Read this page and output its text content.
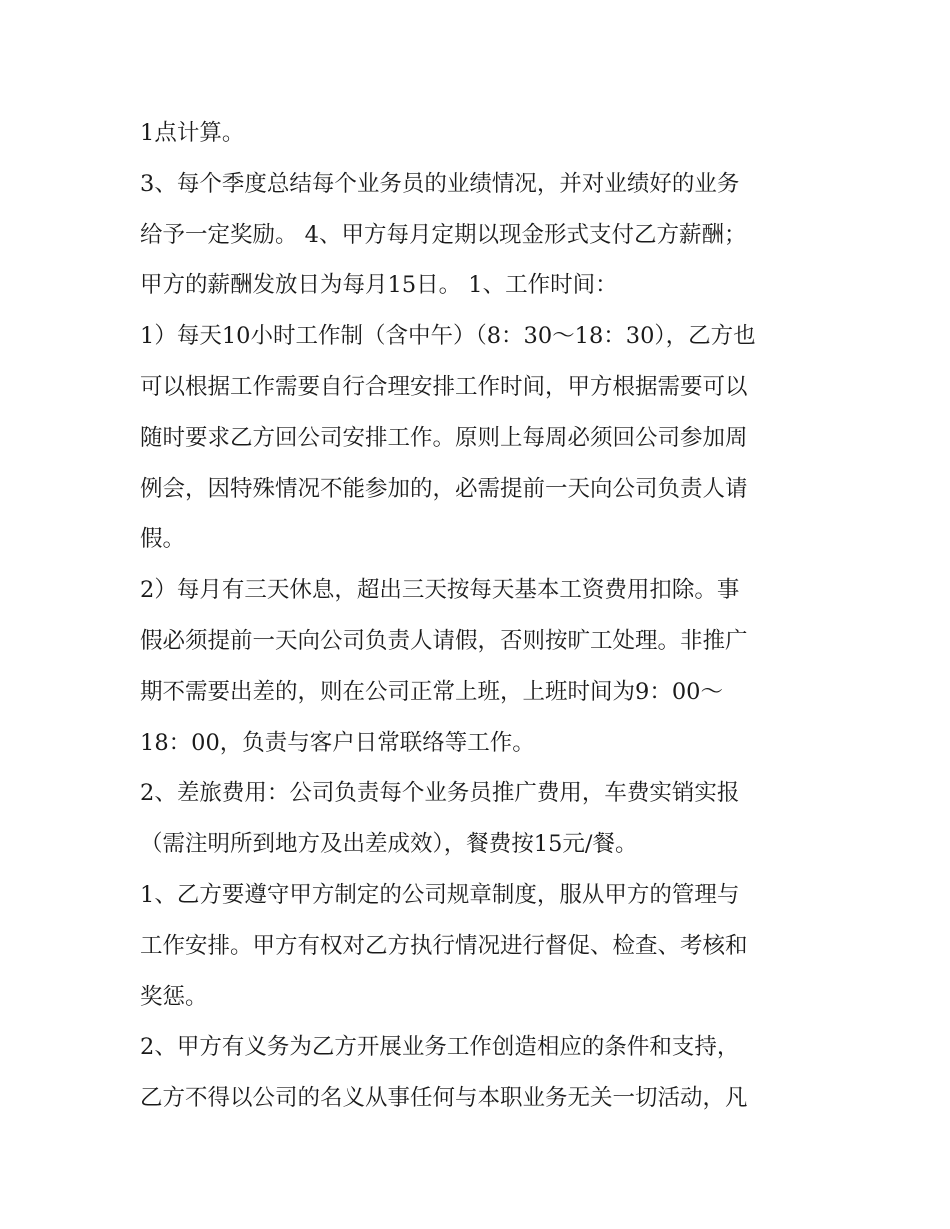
1点计算。
3、每个季度总结每个业务员的业绩情况，并对业绩好的业务
给予一定奖励。 4、甲方每月定期以现金形式支付乙方薪酬；
甲方的薪酬发放日为每月15日。 1、工作时间：
1）每天10小时工作制（含中午）（8：30～18：30），乙方也
可以根据工作需要自行合理安排工作时间，甲方根据需要可以
随时要求乙方回公司安排工作。原则上每周必须回公司参加周
例会，因特殊情况不能参加的，必需提前一天向公司负责人请
假。
2）每月有三天休息，超出三天按每天基本工资费用扣除。事
假必须提前一天向公司负责人请假，否则按旷工处理。非推广
期不需要出差的，则在公司正常上班，上班时间为9：00～
18：00，负责与客户日常联络等工作。
2、差旅费用：公司负责每个业务员推广费用，车费实销实报
（需注明所到地方及出差成效），餐费按15元/餐。
1、乙方要遵守甲方制定的公司规章制度，服从甲方的管理与
工作安排。甲方有权对乙方执行情况进行督促、检查、考核和
奖惩。
2、甲方有义务为乙方开展业务工作创造相应的条件和支持，
乙方不得以公司的名义从事任何与本职业务无关一切活动，凡
